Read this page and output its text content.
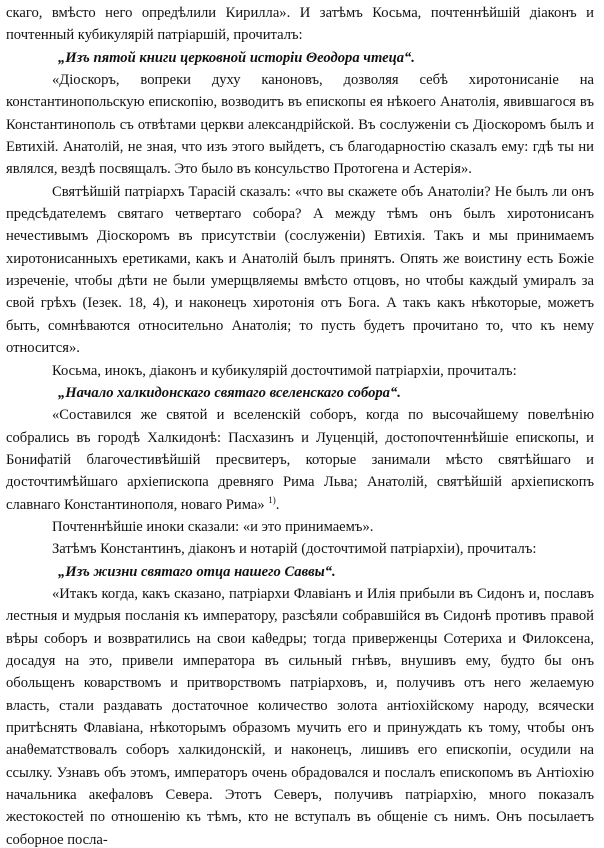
скаго, вмѣсто него опредѣлили Кирилла». И затѣмъ Косьма, почтеннѣйшiй дiаконъ и почтенный кубикулярiй патрiаршiй, прочиталъ:

„Изъ пятой книги церковной исторiи Θеодора чтеца“.

«Дiоскоръ, вопреки духу каноновъ, дозволяя себѣ хиротонисанiе на константинопольскую епископiю, возводитъ въ епископы ея нѣкоего Анатолiя, явившагося въ Константинополь съ отвѣтами церкви александрiйской. Въ сослуженiи съ Дiоскоромъ былъ и Евтихiй. Анатолiй, не зная, что изъ этого выйдетъ, съ благодарностiю сказалъ ему: гдѣ ты ни являлся, вездѣ посвящалъ. Это было въ консульство Протогена и Астерiя».

Святѣйшiй патрiархъ Тарасiй сказалъ: «что вы скажете объ Анатолiи? Не былъ ли онъ предсѣдателемъ святаго четвертаго собора? А между тѣмъ онъ былъ хиротонисанъ нечестивымъ Дiоскоромъ въ присутствiи (сослуженiи) Евтихiя. Такъ и мы принимаемъ хиротонисанныхъ еретиками, какъ и Анатолiй былъ принятъ. Опять же воистину есть Божiе изреченiе, чтобы дѣти не были умерщвляемы вмѣсто отцовъ, но чтобы каждый умиралъ за свой грѣхъ (Iезек. 18, 4), и наконецъ хиротонiя отъ Бога. А такъ какъ нѣкоторые, можетъ быть, сомнѣваются относительно Анатолiя; то пусть будетъ прочитано то, что къ нему относится».

Косьма, инокъ, дiаконъ и кубикулярiй досточтимой патрiархiи, прочиталъ:

„Начало халкидонскаго святаго вселенскаго собора“.

«Составился же святой и вселенскiй соборъ, когда по высочайшему повелѣнiю собрались въ городѣ Халкидонѣ: Пасхазинъ и Луценцiй, достопочтеннѣйшiе епископы, и Бонифатiй благочестивѣйшiй пресвитеръ, которые занимали мѣсто святѣйшаго и досточтимѣйшаго архiепископа древняго Рима Льва; Анатолiй, святѣйшiй архiепископъ славнаго Константинополя, новаго Рима» $^{1)}$.

Почтеннѣйшiе иноки сказали: «и это принимаемъ».

Затѣмъ Константинъ, дiаконъ и нотарiй (досточтимой патрiархiи), прочиталъ:

„Изъ жизни святаго отца нашего Саввы“.

«Итакъ когда, какъ сказано, патрiархи Флавiанъ и Илiя прибыли въ Сидонъ и, пославъ лестныя и мудрыя посланiя къ императору, разсѣяли собравшiйся въ Сидонѣ противъ правой вѣры соборъ и возвратились на свои каθедры; тогда приверженцы Сотериха и Филоксена, досадуя на это, привели императора въ сильный гнѣвъ, внушивъ ему, будто бы онъ обольщенъ коварствомъ и притворствомъ патрiарховъ, и, получивъ отъ него желаемую власть, стали раздавать достаточное количество золота антiохiйскому народу, всячески притѣснять Флавiана, нѣкоторымъ образомъ мучить его и принуждать къ тому, чтобы онъ анаθематствовалъ соборъ халкидонскiй, и наконецъ, лишивъ его епископiи, осудили на ссылку. Узнавъ объ этомъ, императоръ очень обрадовался и послалъ епископомъ въ Антiохiю начальника акефаловъ Севера. Этотъ Северъ, получивъ патрiархiю, много показалъ жестокостей по отношенiю къ тѣмъ, кто не вступалъ въ общенiе съ нимъ. Онъ посылаетъ соборное посла-
